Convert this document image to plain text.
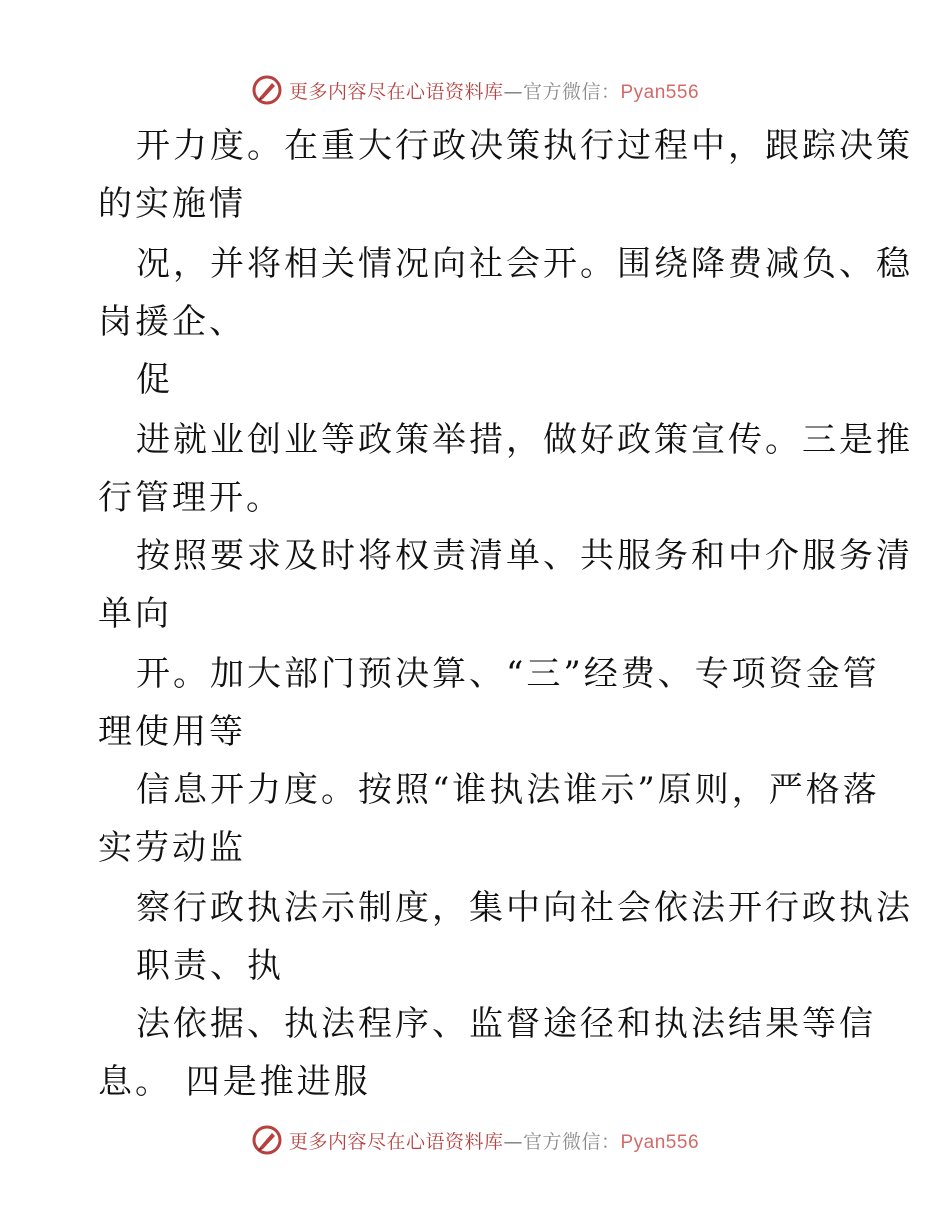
更多内容尽在心语资料库—官方微信：Pyan556
开力度。在重大行政决策执行过程中，跟踪决策
的实施情
况，并将相关情况向社会开。围绕降费减负、稳
岗援企、
促
进就业创业等政策举措，做好政策宣传。三是推
行管理开。
按照要求及时将权责清单、共服务和中介服务清
单向
开。加大部门预决算、“三”经费、专项资金管
理使用等
信息开力度。按照“谁执法谁示”原则，严格落
实劳动监
察行政执法示制度，集中向社会依法开行政执法
职责、执
法依据、执法程序、监督途径和执法结果等信
息。 四是推进服
更多内容尽在心语资料库—官方微信：Pyan556
